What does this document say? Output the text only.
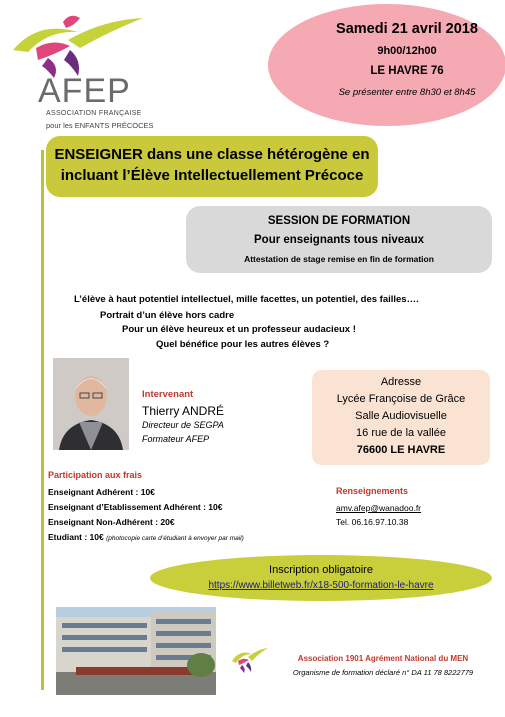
AFEP
ASSOCIATION FRANÇAISE
pour les ENFANTS PRÉCOCES
Samedi 21 avril 2018
9h00/12h00
LE HAVRE 76
Se présenter entre 8h30 et 8h45
ENSEIGNER dans une classe hétérogène en
incluant l’Élève Intellectuellement Précoce
SESSION DE FORMATION
Pour enseignants tous niveaux
Attestation de stage remise en fin de formation
L’élève à haut potentiel intellectuel, mille facettes, un potentiel, des failles….
Portrait d’un élève hors cadre
Pour un élève heureux et un professeur audacieux !
Quel bénéfice pour les autres élèves ?
Intervenant
Thierry ANDRÉ
Directeur de SEGPA
Formateur AFEP
Adresse
Lycée Françoise de Grâce
Salle Audiovisuelle
16 rue de la vallée
76600 LE HAVRE
Participation aux frais
Enseignant Adhérent : 10€
Enseignant d’Etablissement Adhérent : 10€
Enseignant Non-Adhérent : 20€
Etudiant : 10€ (photocopie carte d’étudiant à envoyer par mail)
Renseignements
amv.afep@wanadoo.fr
Tel. 06.16.97.10.38
Inscription obligatoire
https://www.billetweb.fr/x18-500-formation-le-havre
Association 1901 Agrément National du MEN
Organisme de formation déclaré n° DA 11 78 8222779
